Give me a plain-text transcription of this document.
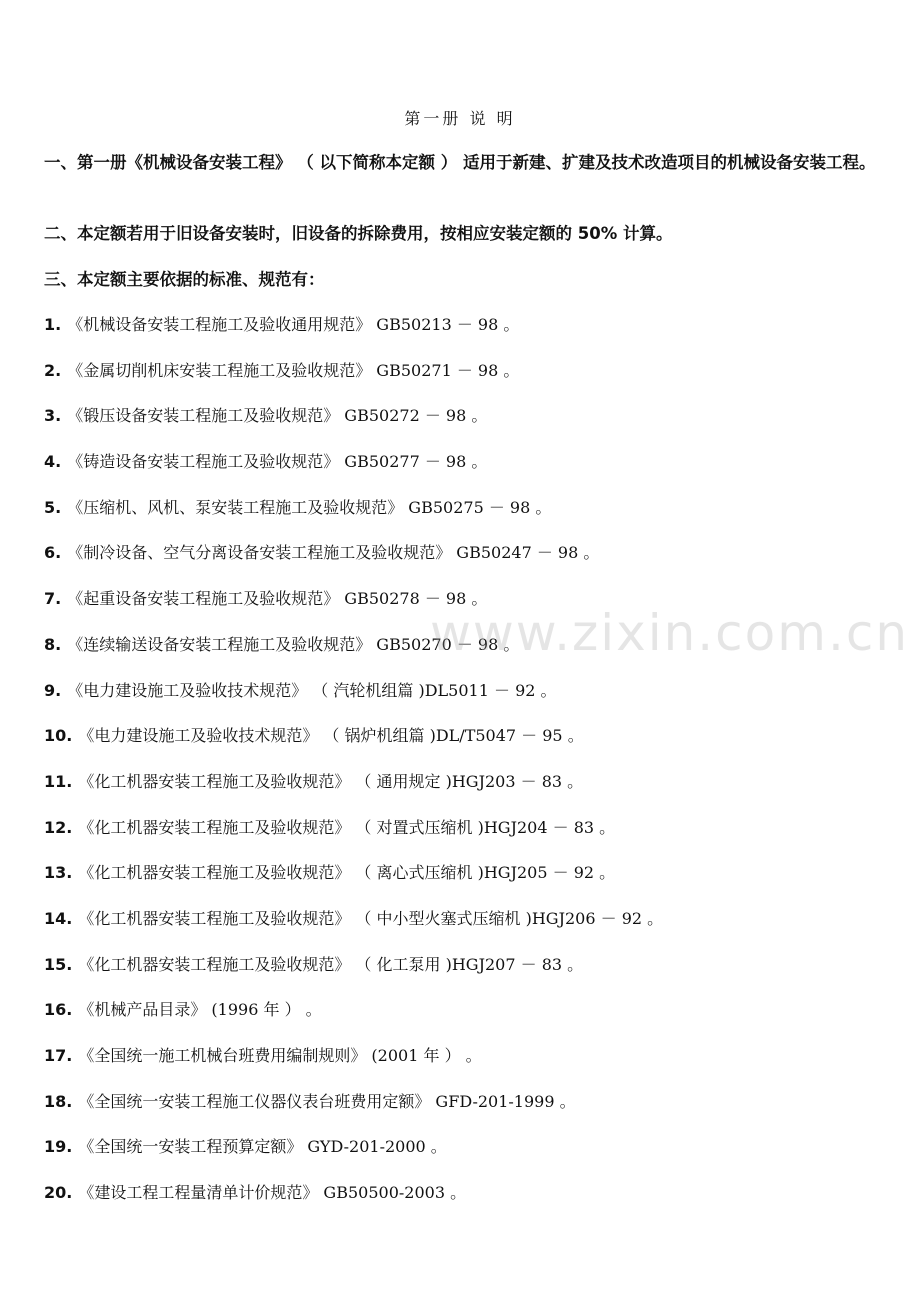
第一册 说 明
一、第一册《机械设备安装工程》 （ 以下简称本定额 ） 适用于新建、扩建及技术改造项目的机械设备安装工程。
二、本定额若用于旧设备安装时，旧设备的拆除费用，按相应安装定额的 50% 计算。
三、本定额主要依据的标准、规范有：
1. 《机械设备安装工程施工及验收通用规范》 GB50213 － 98 。
2. 《金属切削机床安装工程施工及验收规范》 GB50271 － 98 。
3. 《锻压设备安装工程施工及验收规范》 GB50272 － 98 。
4. 《铸造设备安装工程施工及验收规范》 GB50277 － 98 。
5. 《压缩机、风机、泵安装工程施工及验收规范》 GB50275 － 98 。
6. 《制冷设备、空气分离设备安装工程施工及验收规范》 GB50247 － 98 。
7. 《起重设备安装工程施工及验收规范》 GB50278 － 98 。
8. 《连续输送设备安装工程施工及验收规范》 GB50270 － 98 。
9. 《电力建设施工及验收技术规范》 （ 汽轮机组篇 )DL5011 － 92 。
10. 《电力建设施工及验收技术规范》 （ 锅炉机组篇 )DL/T5047 － 95 。
11. 《化工机器安装工程施工及验收规范》 （ 通用规定 )HGJ203 － 83 。
12. 《化工机器安装工程施工及验收规范》 （ 对置式压缩机 )HGJ204 － 83 。
13. 《化工机器安装工程施工及验收规范》 （ 离心式压缩机 )HGJ205 － 92 。
14. 《化工机器安装工程施工及验收规范》 （ 中小型火塞式压缩机 )HGJ206 － 92 。
15. 《化工机器安装工程施工及验收规范》 （ 化工泵用 )HGJ207 － 83 。
16. 《机械产品目录》 (1996 年 ） 。
17. 《全国统一施工机械台班费用编制规则》 (2001 年 ） 。
18. 《全国统一安装工程施工仪器仪表台班费用定额》 GFD-201-1999 。
19. 《全国统一安装工程预算定额》 GYD-201-2000 。
20. 《建设工程工程量清单计价规范》 GB50500-2003 。
www.zixin.com.cn
